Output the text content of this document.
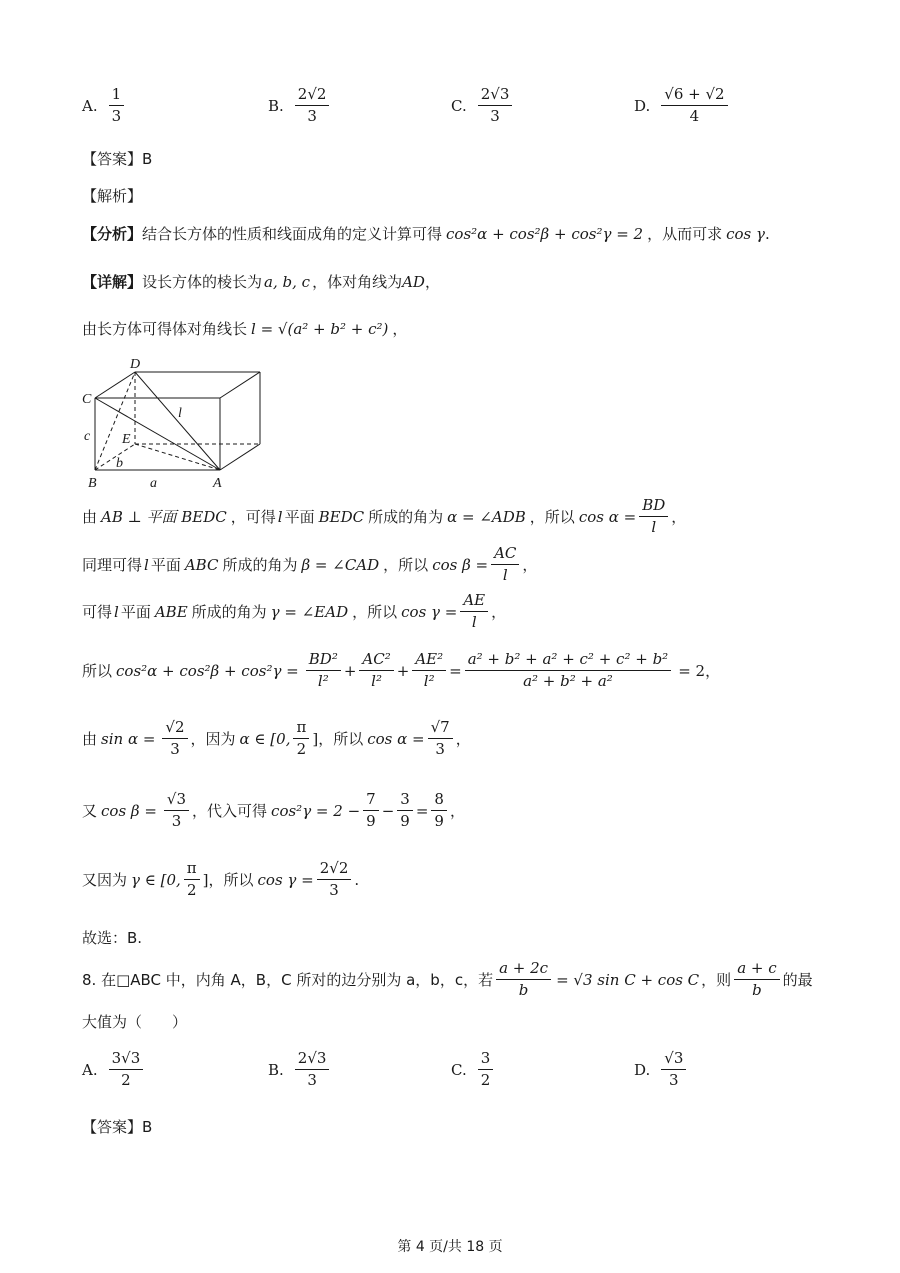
A. $\frac{1}{3}$	B. $\frac{2√2}{3}$	C. $\frac{2√3}{3}$	D. $\frac{√6 + √2}{4}$
【答案】B
【解析】
【分析】 结合长方体的性质和线面成角的定义计算可得 cos²α + cos²β + cos²γ = 2 ，从而可求 cos γ .
【详解】 设长方体的棱长为 a, b, c ，体对角线为 AD ，
由长方体可得体对角线长 l = √(a² + b² + c²) ，
D
C
l
c E
b
B	a	A
由 AB ⊥ 平面 BEDC ，可得 l 平面 BEDC 所成的角为 α = ∠ADB ，所以 $\cos \alpha = \frac{BD}{l}$ ，
同理可得 l 平面 ABC 所成的角为 β = ∠CAD ，所以 $\cos \beta = \frac{AC}{l}$ ，
可得 l 平面 ABE 所成的角为 γ = ∠EAD ，所以 $\cos \gamma = \frac{AE}{l}$ ，
所以 $\cos^2\alpha + \cos^2\beta + \cos^2\gamma = \frac{\text{BD²}}{\text{l²}} + \frac{\text{AC²}}{\text{l²}} + \frac{\text{AE²}}{\text{l²}} = \frac{\text{a² + b² + a² + c² + c² + b²}}{\text{a² + b² + a²}} = 2$ ，
由 $\sin \alpha = \frac{√2}{3}$ ，因为 α ∈ [0, $\frac{\pi}{2}$ ] ，所以 $\cos \alpha = \frac{√7}{3}$ ，
又 $\cos \beta = \frac{√3}{3}$ ，代入可得 $\cos^2\gamma = 2 - \frac{7}{9} - \frac{3}{9} = \frac{8}{9}$ ，
又因为 γ ∈ [0, $\frac{\pi}{2}$ ] ，所以 $\cos \gamma = \frac{2√2}{3}$ .
故选：B.
8. 在□ABC 中，内角 A，B，C 所对的边分别为 a，b，c，若 $\frac{a + 2c}{b} = √3$ sin C + cos C ，则 $\frac{a + c}{b}$ 的最
大值为（　　）
A. $\frac{3√3}{2}$	B. $\frac{2√3}{3}$	C. $\frac{3}{2}$	D. $\frac{√3}{3}$
【答案】B
第 4 页/共 18 页
